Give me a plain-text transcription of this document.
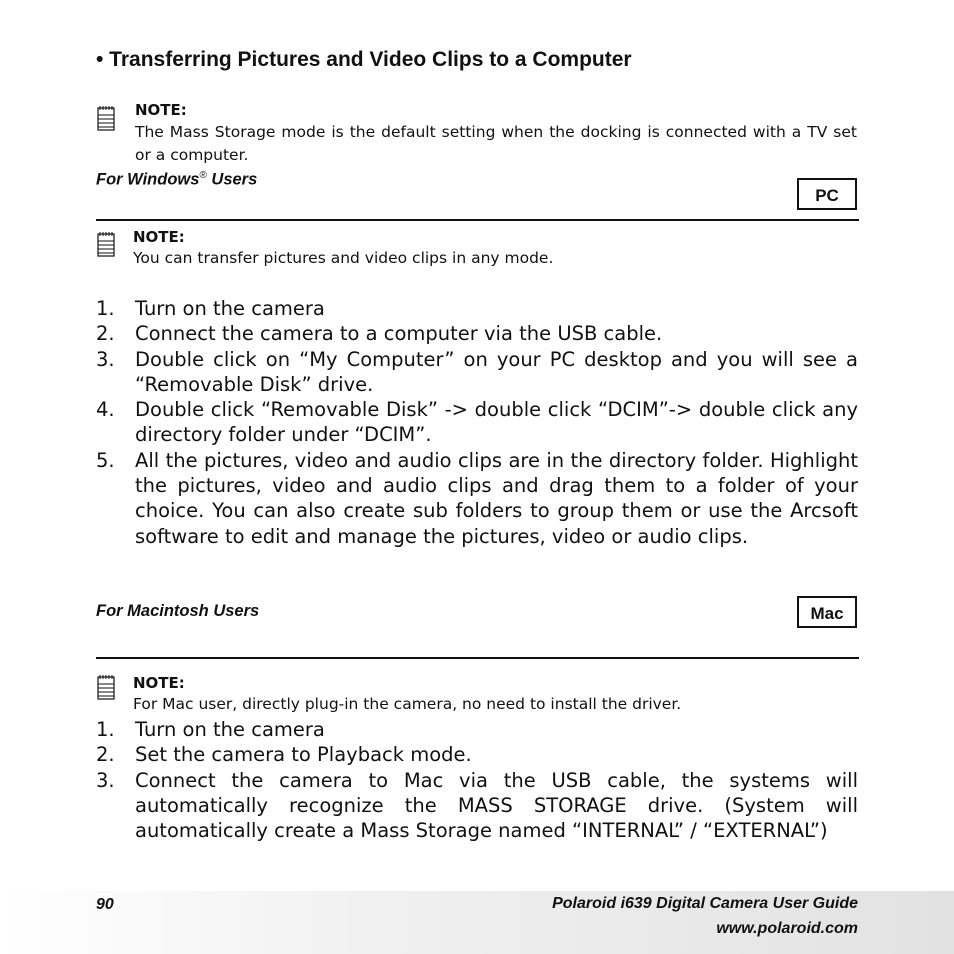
• Transferring Pictures and Video Clips to a Computer
NOTE:
The Mass Storage mode is the default setting when the docking is connected with a TV set or a computer.
For Windows® Users
PC
NOTE:
You can transfer pictures and video clips in any mode.
1. Turn on the camera
2. Connect the camera to a computer via the USB cable.
3. Double click on “My Computer” on your PC desktop and you will see a “Removable Disk” drive.
4. Double click “Removable Disk” -> double click “DCIM”-> double click any directory folder under “DCIM”.
5. All the pictures, video and audio clips are in the directory folder. Highlight the pictures, video and audio clips and drag them to a folder of your choice. You can also create sub folders to group them or use the Arcsoft software to edit and manage the pictures, video or audio clips.
For Macintosh Users	Mac
NOTE:
For Mac user, directly plug-in the camera, no need to install the driver.
1. Turn on the camera
2. Set the camera to Playback mode.
3. Connect the camera to Mac via the USB cable, the systems will automatically recognize the MASS STORAGE drive. (System will automatically create a Mass Storage named “INTERNAL” / “EXTERNAL”)
90	Polaroid i639 Digital Camera User Guide
www.polaroid.com
